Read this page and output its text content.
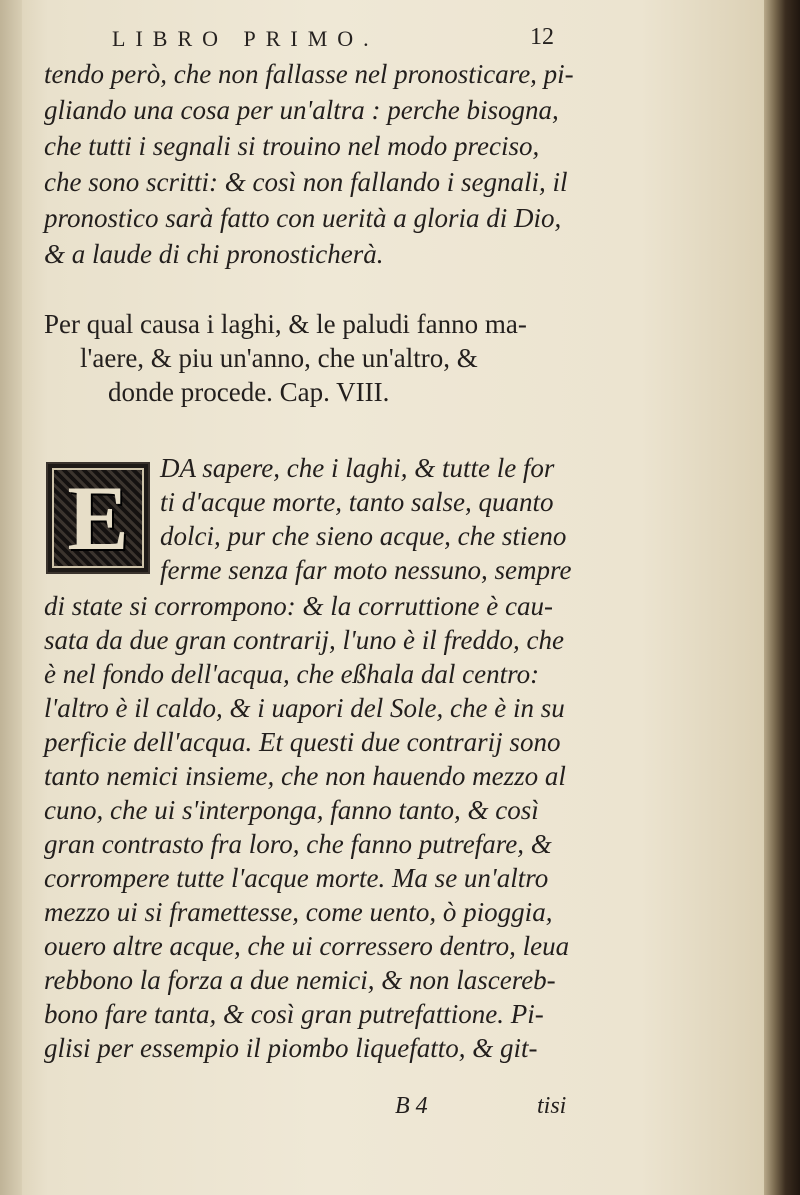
LIBRO PRIMO.	12
tendo però, che non fallasse nel pronosticare, pi-
gliando una cosa per un'altra : perche bisogna,
che tutti i segnali si trouino nel modo preciso,
che sono scritti: & così non fallando i segnali, il
pronostico sarà fatto con uerità a gloria di Dio,
& a laude di chi pronosticherà.
Per qual causa i laghi, & le paludi fanno ma-
l'aere, & piu un'anno, che un'altro, &
donde procede. Cap. VIII.
E	DA sapere, che i laghi, & tutte le for
ti d'acque morte, tanto salse, quanto
dolci, pur che sieno acque, che stieno
ferme senza far moto nessuno, sempre
di state si corrompono: & la corruttione è cau-
sata da due gran contrarij, l'uno è il freddo, che
è nel fondo dell'acqua, che eßhala dal centro:
l'altro è il caldo, & i uapori del Sole, che è in su
perficie dell'acqua. Et questi due contrarij sono
tanto nemici insieme, che non hauendo mezzo al
cuno, che ui s'interponga, fanno tanto, & così
gran contrasto fra loro, che fanno putrefare, &
corrompere tutte l'acque morte. Ma se un'altro
mezzo ui si framettesse, come uento, ò pioggia,
ouero altre acque, che ui corressero dentro, leua
rebbono la forza a due nemici, & non lascereb-
bono fare tanta, & così gran putrefattione. Pi-
glisi per essempio il piombo liquefatto, & git-
B 4	tisi
